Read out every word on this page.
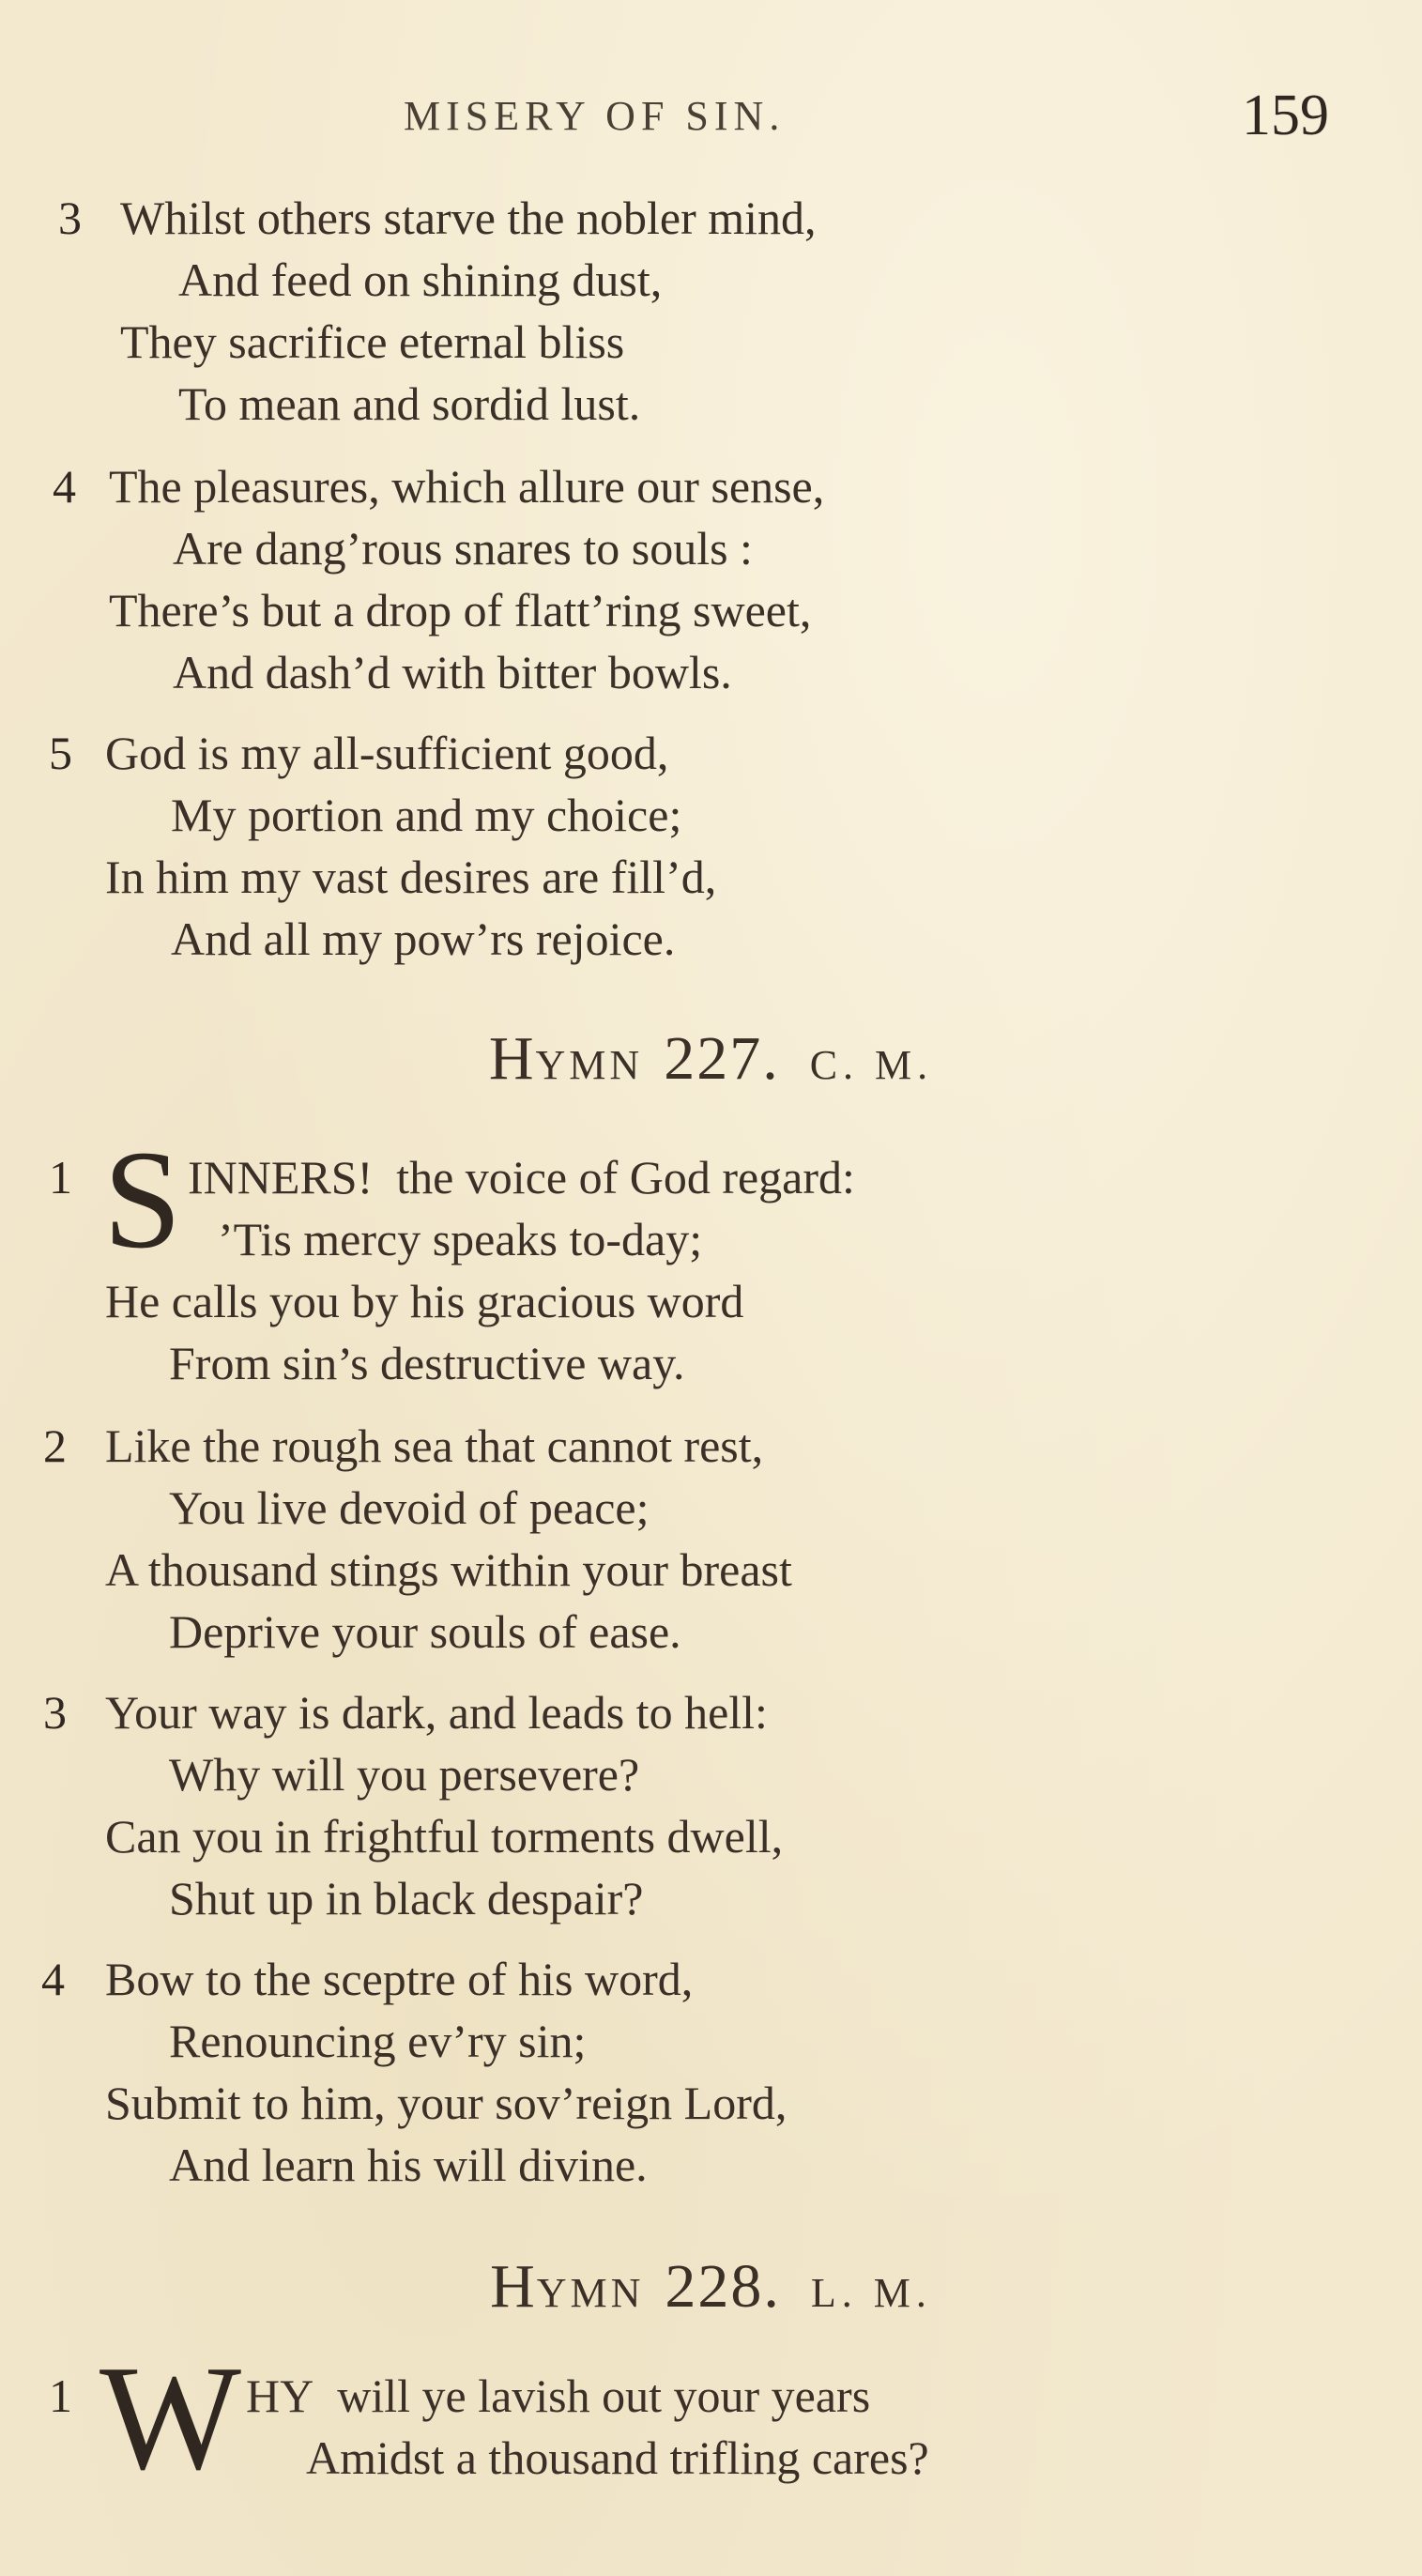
MISERY OF SIN.	159
3 Whilst others starve the nobler mind,
And feed on shining dust,
They sacrifice eternal bliss
To mean and sordid lust.
4 The pleasures, which allure our sense,
Are dang’rous snares to souls :
There’s but a drop of flatt’ring sweet,
And dash’d with bitter bowls.
5 God is my all-sufficient good,
My portion and my choice;
In him my vast desires are fill’d,
And all my pow’rs rejoice.
HYMN 227. C. M.
1 S INNERS! the voice of God regard:
’Tis mercy speaks to-day;
He calls you by his gracious word
From sin’s destructive way.
2 Like the rough sea that cannot rest,
You live devoid of peace;
A thousand stings within your breast
Deprive your souls of ease.
3 Your way is dark, and leads to hell:
Why will you persevere?
Can you in frightful torments dwell,
Shut up in black despair?
4 Bow to the sceptre of his word,
Renouncing ev’ry sin;
Submit to him, your sov’reign Lord,
And learn his will divine.
HYMN 228. L. M.
1 W HY will ye lavish out your years
Amidst a thousand trifling cares?
